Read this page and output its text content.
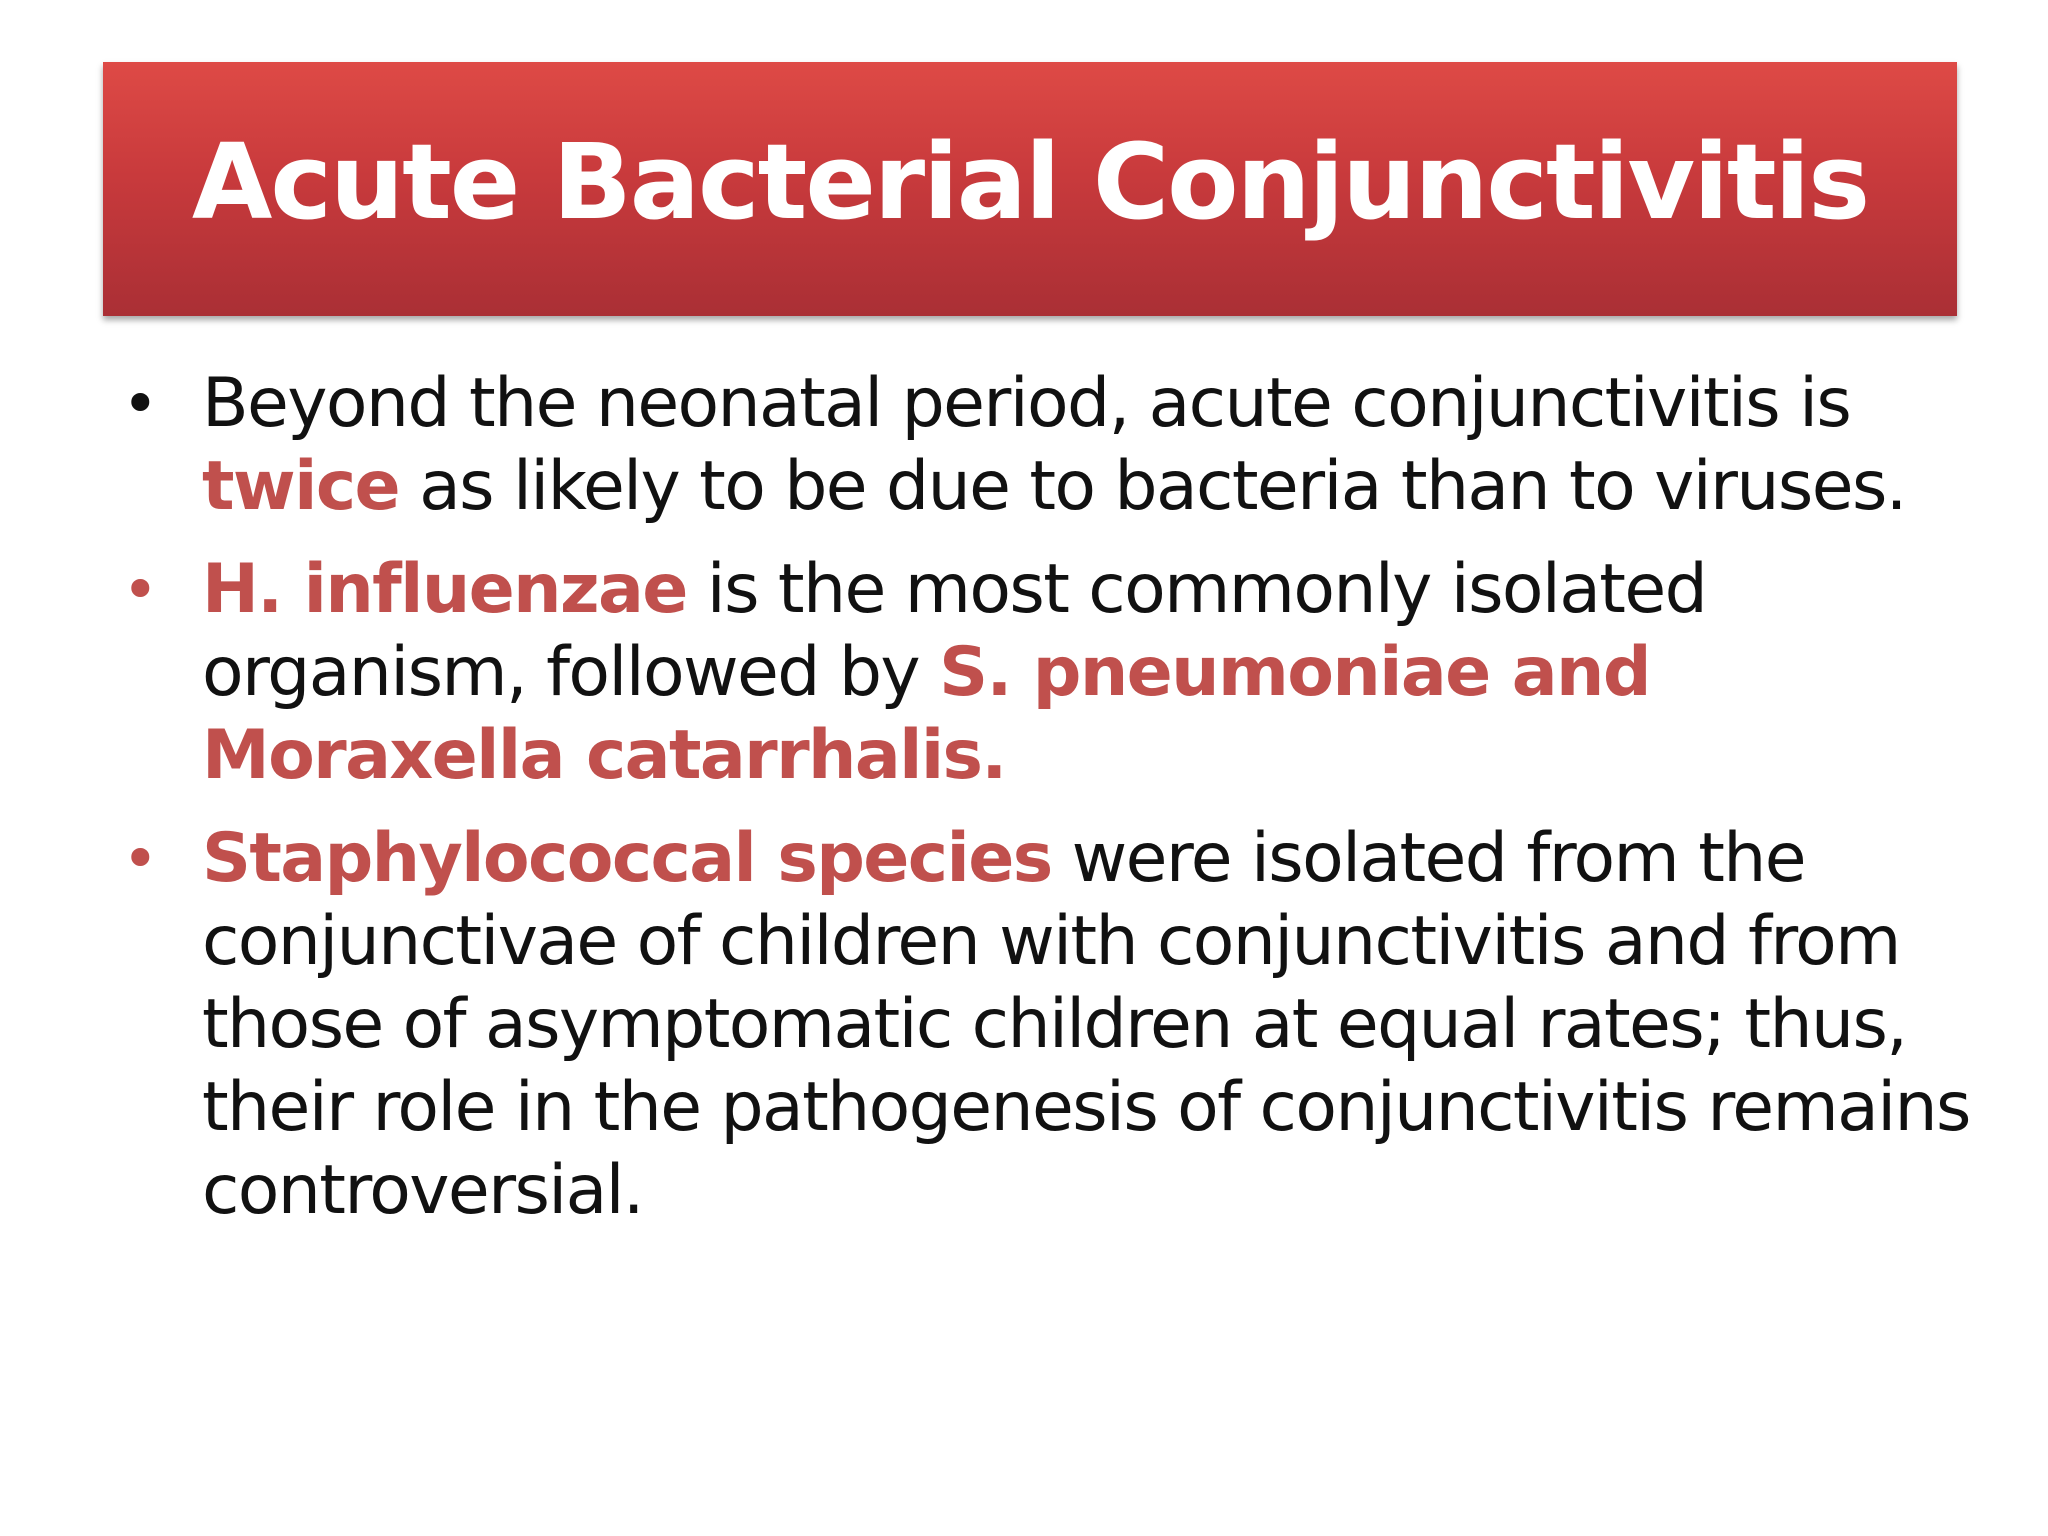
Acute Bacterial Conjunctivitis
• Beyond the neonatal period, acute conjunctivitis is twice as likely to be due to bacteria than to viruses.
• H. influenzae is the most commonly isolated organism, followed by S. pneumoniae and Moraxella catarrhalis.
• Staphylococcal species were isolated from the conjunctivae of children with conjunctivitis and from those of asymptomatic children at equal rates; thus, their role in the pathogenesis of conjunctivitis remains controversial.
